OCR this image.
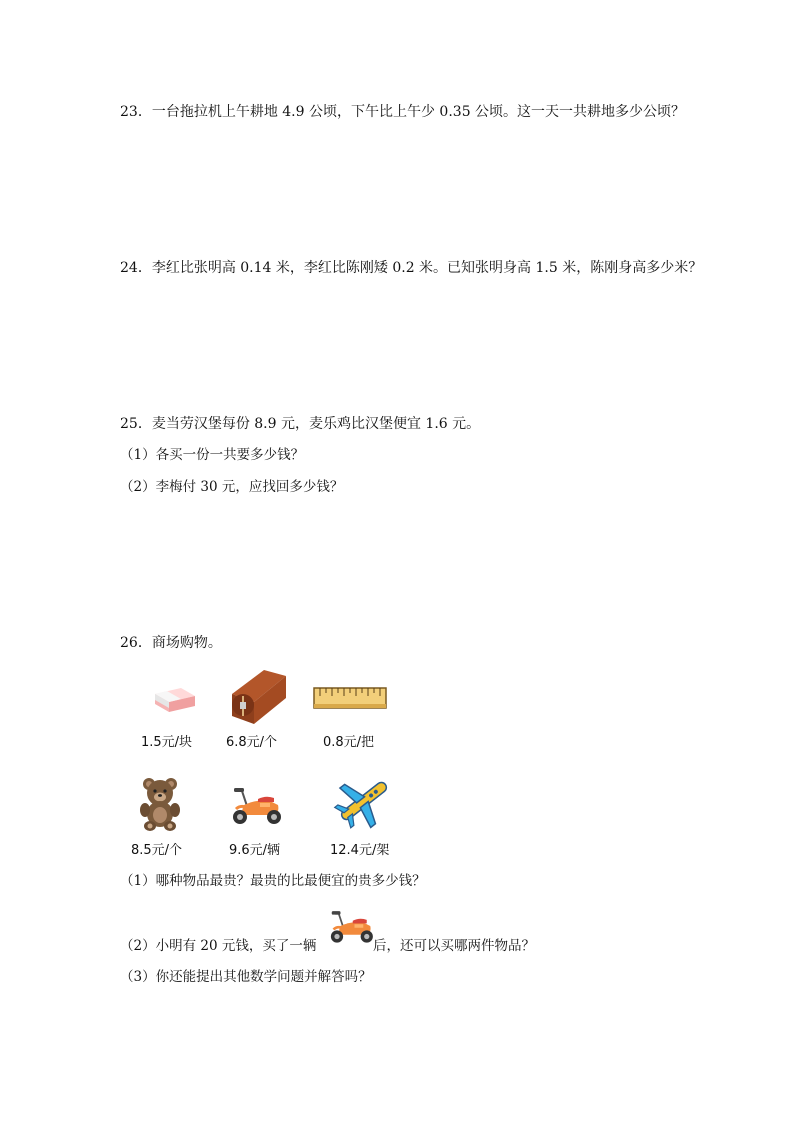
23．一台拖拉机上午耕地 4.9 公顷，下午比上午少 0.35 公顷。这一天一共耕地多少公顷？
24．李红比张明高 0.14 米，李红比陈刚矮 0.2 米。已知张明身高 1.5 米，陈刚身高多少米？
25．麦当劳汉堡每份 8.9 元，麦乐鸡比汉堡便宜 1.6 元。
（1）各买一份一共要多少钱？
（2）李梅付 30 元，应找回多少钱？
26．商场购物。
1.5元/块	6.8元/个	0.8元/把
8.5元/个	9.6元/辆	12.4元/架
（1）哪种物品最贵？最贵的比最便宜的贵多少钱？
（2）小明有 20 元钱，买了一辆	后，还可以买哪两件物品？
（3）你还能提出其他数学问题并解答吗？
